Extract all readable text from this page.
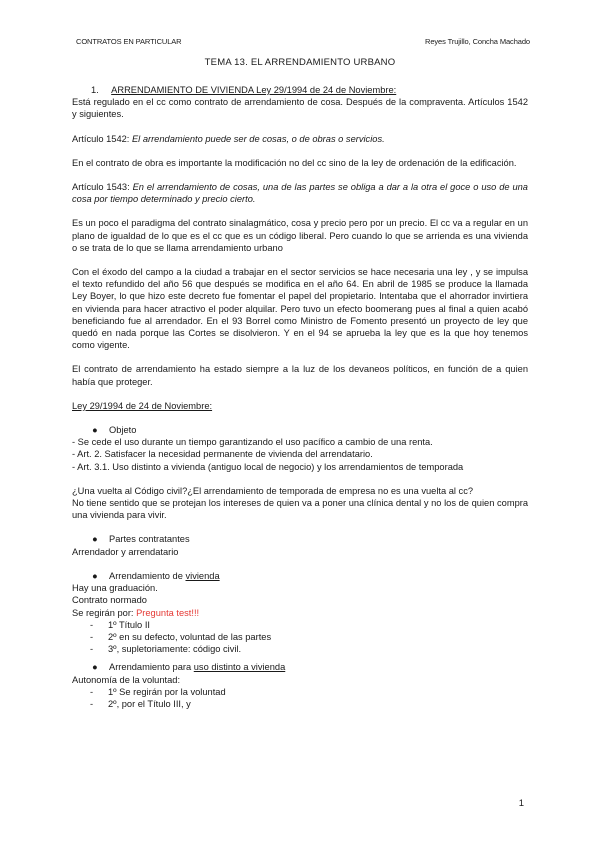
CONTRATOS EN PARTICULAR	Reyes Trujillo, Concha Machado
TEMA 13. EL ARRENDAMIENTO URBANO

1. ARRENDAMIENTO DE VIVIENDA Ley 29/1994 de 24 de Noviembre:

Está regulado en el cc como contrato de arrendamiento de cosa. Después de la compraventa. Artículos 1542 y siguientes.

Artículo 1542: El arrendamiento puede ser de cosas, o de obras o servicios.

En el contrato de obra es importante la modificación no del cc sino de la ley de ordenación de la edificación.

Artículo 1543: En el arrendamiento de cosas, una de las partes se obliga a dar a la otra el goce o uso de una cosa por tiempo determinado y precio cierto.

Es un poco el paradigma del contrato sinalagmático, cosa y precio pero por un precio. El cc va a regular en un plano de igualdad de lo que es el cc que es un código liberal. Pero cuando lo que se arrienda es una vivienda o se trata de lo que se llama arrendamiento urbano

Con el éxodo del campo a la ciudad a trabajar en el sector servicios se hace necesaria una ley , y se impulsa el texto refundido del año 56 que después se modifica en el año 64. En abril de 1985 se produce la llamada Ley Boyer, lo que hizo este decreto fue fomentar el papel del propietario. Intentaba que el ahorrador invirtiera en vivienda para hacer atractivo el poder alquilar. Pero tuvo un efecto boomerang pues al final a quien acabó beneficiando fue al arrendador. En el 93 Borrel como Ministro de Fomento presentó un proyecto de ley que quedó en nada porque las Cortes se disolvieron. Y en el 94 se aprueba la ley que es la que hoy tenemos como vigente.

El contrato de arrendamiento ha estado siempre a la luz de los devaneos políticos, en función de a quien había que proteger.

Ley 29/1994 de 24 de Noviembre:

●	Objeto

- Se cede el uso durante un tiempo garantizando el uso pacífico a cambio de una renta.

- Art. 2. Satisfacer la necesidad permanente de vivienda del arrendatario.

- Art. 3.1. Uso distinto a vivienda (antiguo local de negocio) y los arrendamientos de temporada

¿Una vuelta al Código civil?¿El arrendamiento de temporada de empresa no es una vuelta al cc?

No tiene sentido que se protejan los intereses de quien va a poner una clínica dental y no los de quien compra una vivienda para vivir.

●	Partes contratantes

Arrendador y arrendatario

●	Arrendamiento de vivienda

Hay una graduación.

Contrato normado

Se regirán por: Pregunta test!!!

-	1º Título II

-	2º en su defecto, voluntad de las partes

-	3º, supletoriamente: código civil.

●	Arrendamiento para uso distinto a vivienda

Autonomía de la voluntad:

-	1º Se regirán por la voluntad

-	2º, por el Título III, y

1
